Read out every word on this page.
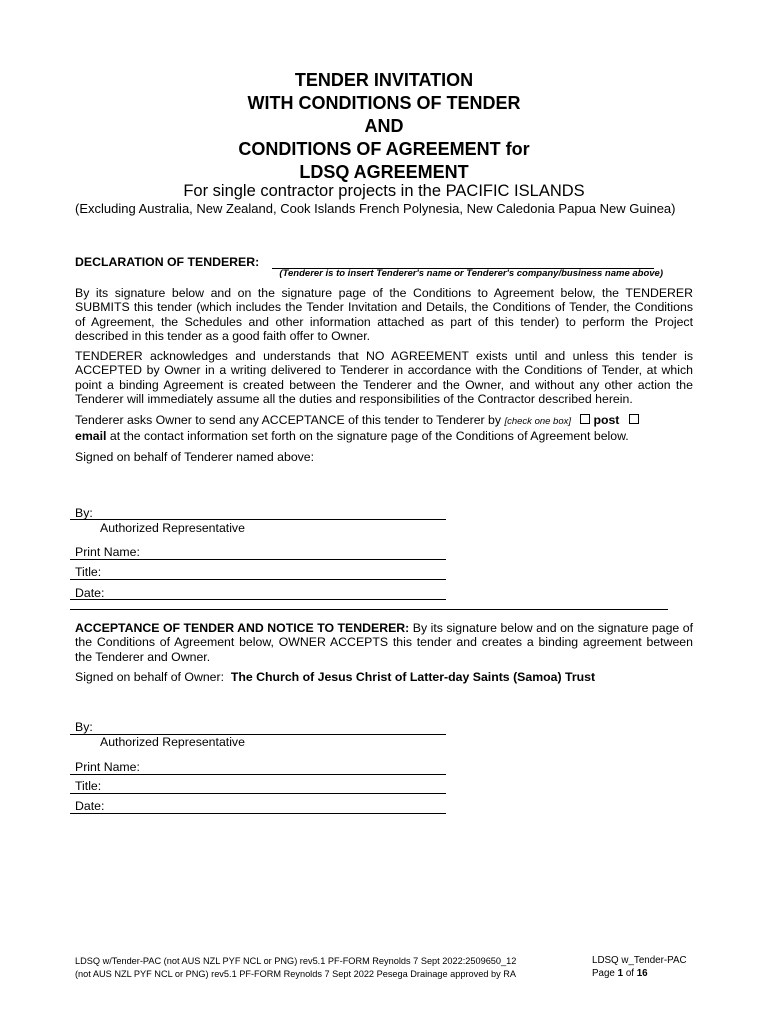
TENDER INVITATION
WITH CONDITIONS OF TENDER
AND
CONDITIONS OF AGREEMENT for
LDSQ AGREEMENT
For single contractor projects in the PACIFIC ISLANDS
(Excluding Australia, New Zealand, Cook Islands French Polynesia, New Caledonia Papua New Guinea)
DECLARATION OF TENDERER:
(Tenderer is to insert Tenderer's name or Tenderer's company/business name above)
By its signature below and on the signature page of the Conditions to Agreement below, the TENDERER SUBMITS this tender (which includes the Tender Invitation and Details, the Conditions of Tender, the Conditions of Agreement, the Schedules and other information attached as part of this tender) to perform the Project described in this tender as a good faith offer to Owner.
TENDERER acknowledges and understands that NO AGREEMENT exists until and unless this tender is ACCEPTED by Owner in a writing delivered to Tenderer in accordance with the Conditions of Tender, at which point a binding Agreement is created between the Tenderer and the Owner, and without any other action the Tenderer will immediately assume all the duties and responsibilities of the Contractor described herein.
Tenderer asks Owner to send any ACCEPTANCE of this tender to Tenderer by [check one box] post
email at the contact information set forth on the signature page of the Conditions of Agreement below.
Signed on behalf of Tenderer named above:
By:
Authorized Representative
Print Name:
Title:
Date:
ACCEPTANCE OF TENDER AND NOTICE TO TENDERER: By its signature below and on the signature page of the Conditions of Agreement below, OWNER ACCEPTS this tender and creates a binding agreement between the Tenderer and Owner.
Signed on behalf of Owner: The Church of Jesus Christ of Latter-day Saints (Samoa) Trust
By:
Authorized Representative
Print Name:
Title:
Date:
LDSQ w/Tender-PAC (not AUS NZL PYF NCL or PNG) rev5.1 PF-FORM Reynolds 7 Sept 2022:2509650_12
(not AUS NZL PYF NCL or PNG) rev5.1 PF-FORM Reynolds 7 Sept 2022 Pesega Drainage approved by RA
LDSQ w_Tender-PAC
Page 1 of 16
